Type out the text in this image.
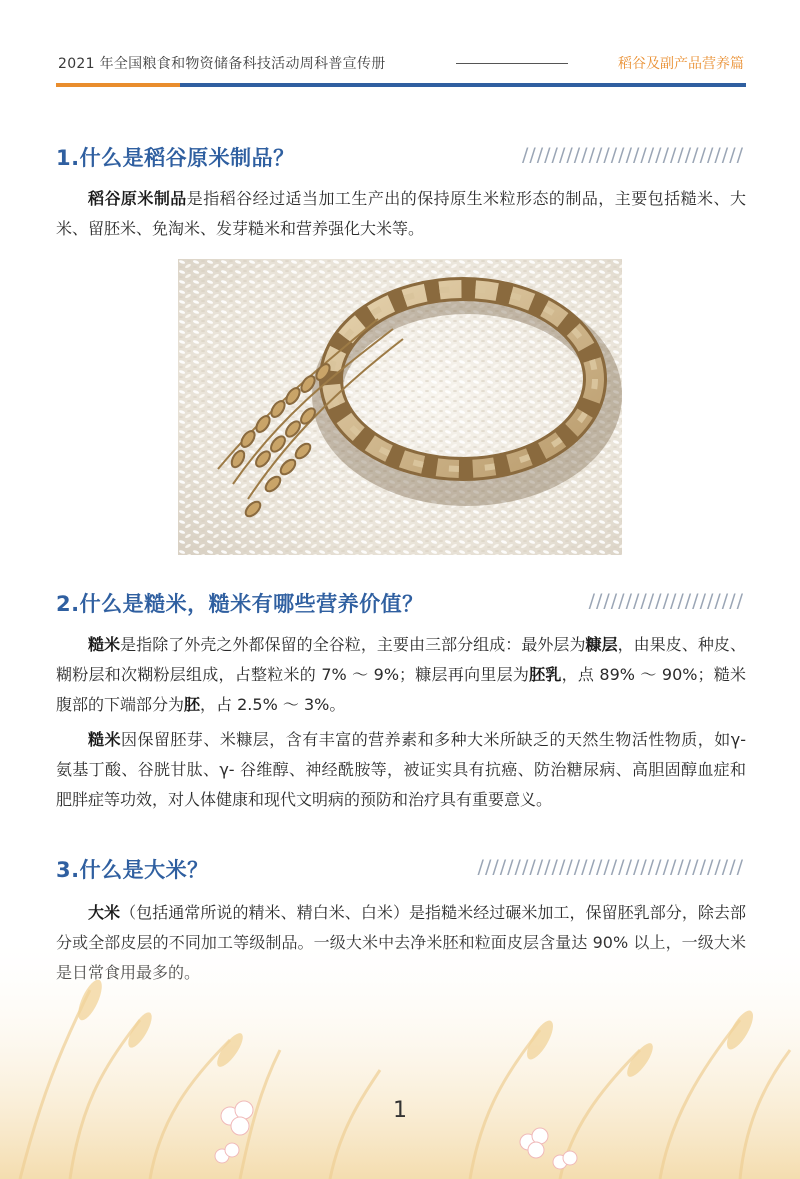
2021 年全国粮食和物资储备科技活动周科普宣传册	稻谷及副产品营养篇
1.什么是稻谷原米制品？	//////////////////////////////

稻谷原米制品是指稻谷经过适当加工生产出的保持原生米粒形态的制品，主要包括糙米、大米、留胚米、免淘米、发芽糙米和营养强化大米等。

2.什么是糙米，糙米有哪些营养价值？	/////////////////////

糙米是指除了外壳之外都保留的全谷粒，主要由三部分组成：最外层为糠层，由果皮、种皮、糊粉层和次糊粉层组成，占整粒米的 7% ～ 9%；糠层再向里层为胚乳，点 89% ～ 90%；糙米腹部的下端部分为胚，占 2.5% ～ 3%。

糙米因保留胚芽、米糠层，含有丰富的营养素和多种大米所缺乏的天然生物活性物质，如γ- 氨基丁酸、谷胱甘肽、γ- 谷维醇、神经酰胺等，被证实具有抗癌、防治糖尿病、高胆固醇血症和肥胖症等功效，对人体健康和现代文明病的预防和治疗具有重要意义。

3.什么是大米？	////////////////////////////////////

大米（包括通常所说的精米、精白米、白米）是指糙米经过碾米加工，保留胚乳部分，除去部

1
